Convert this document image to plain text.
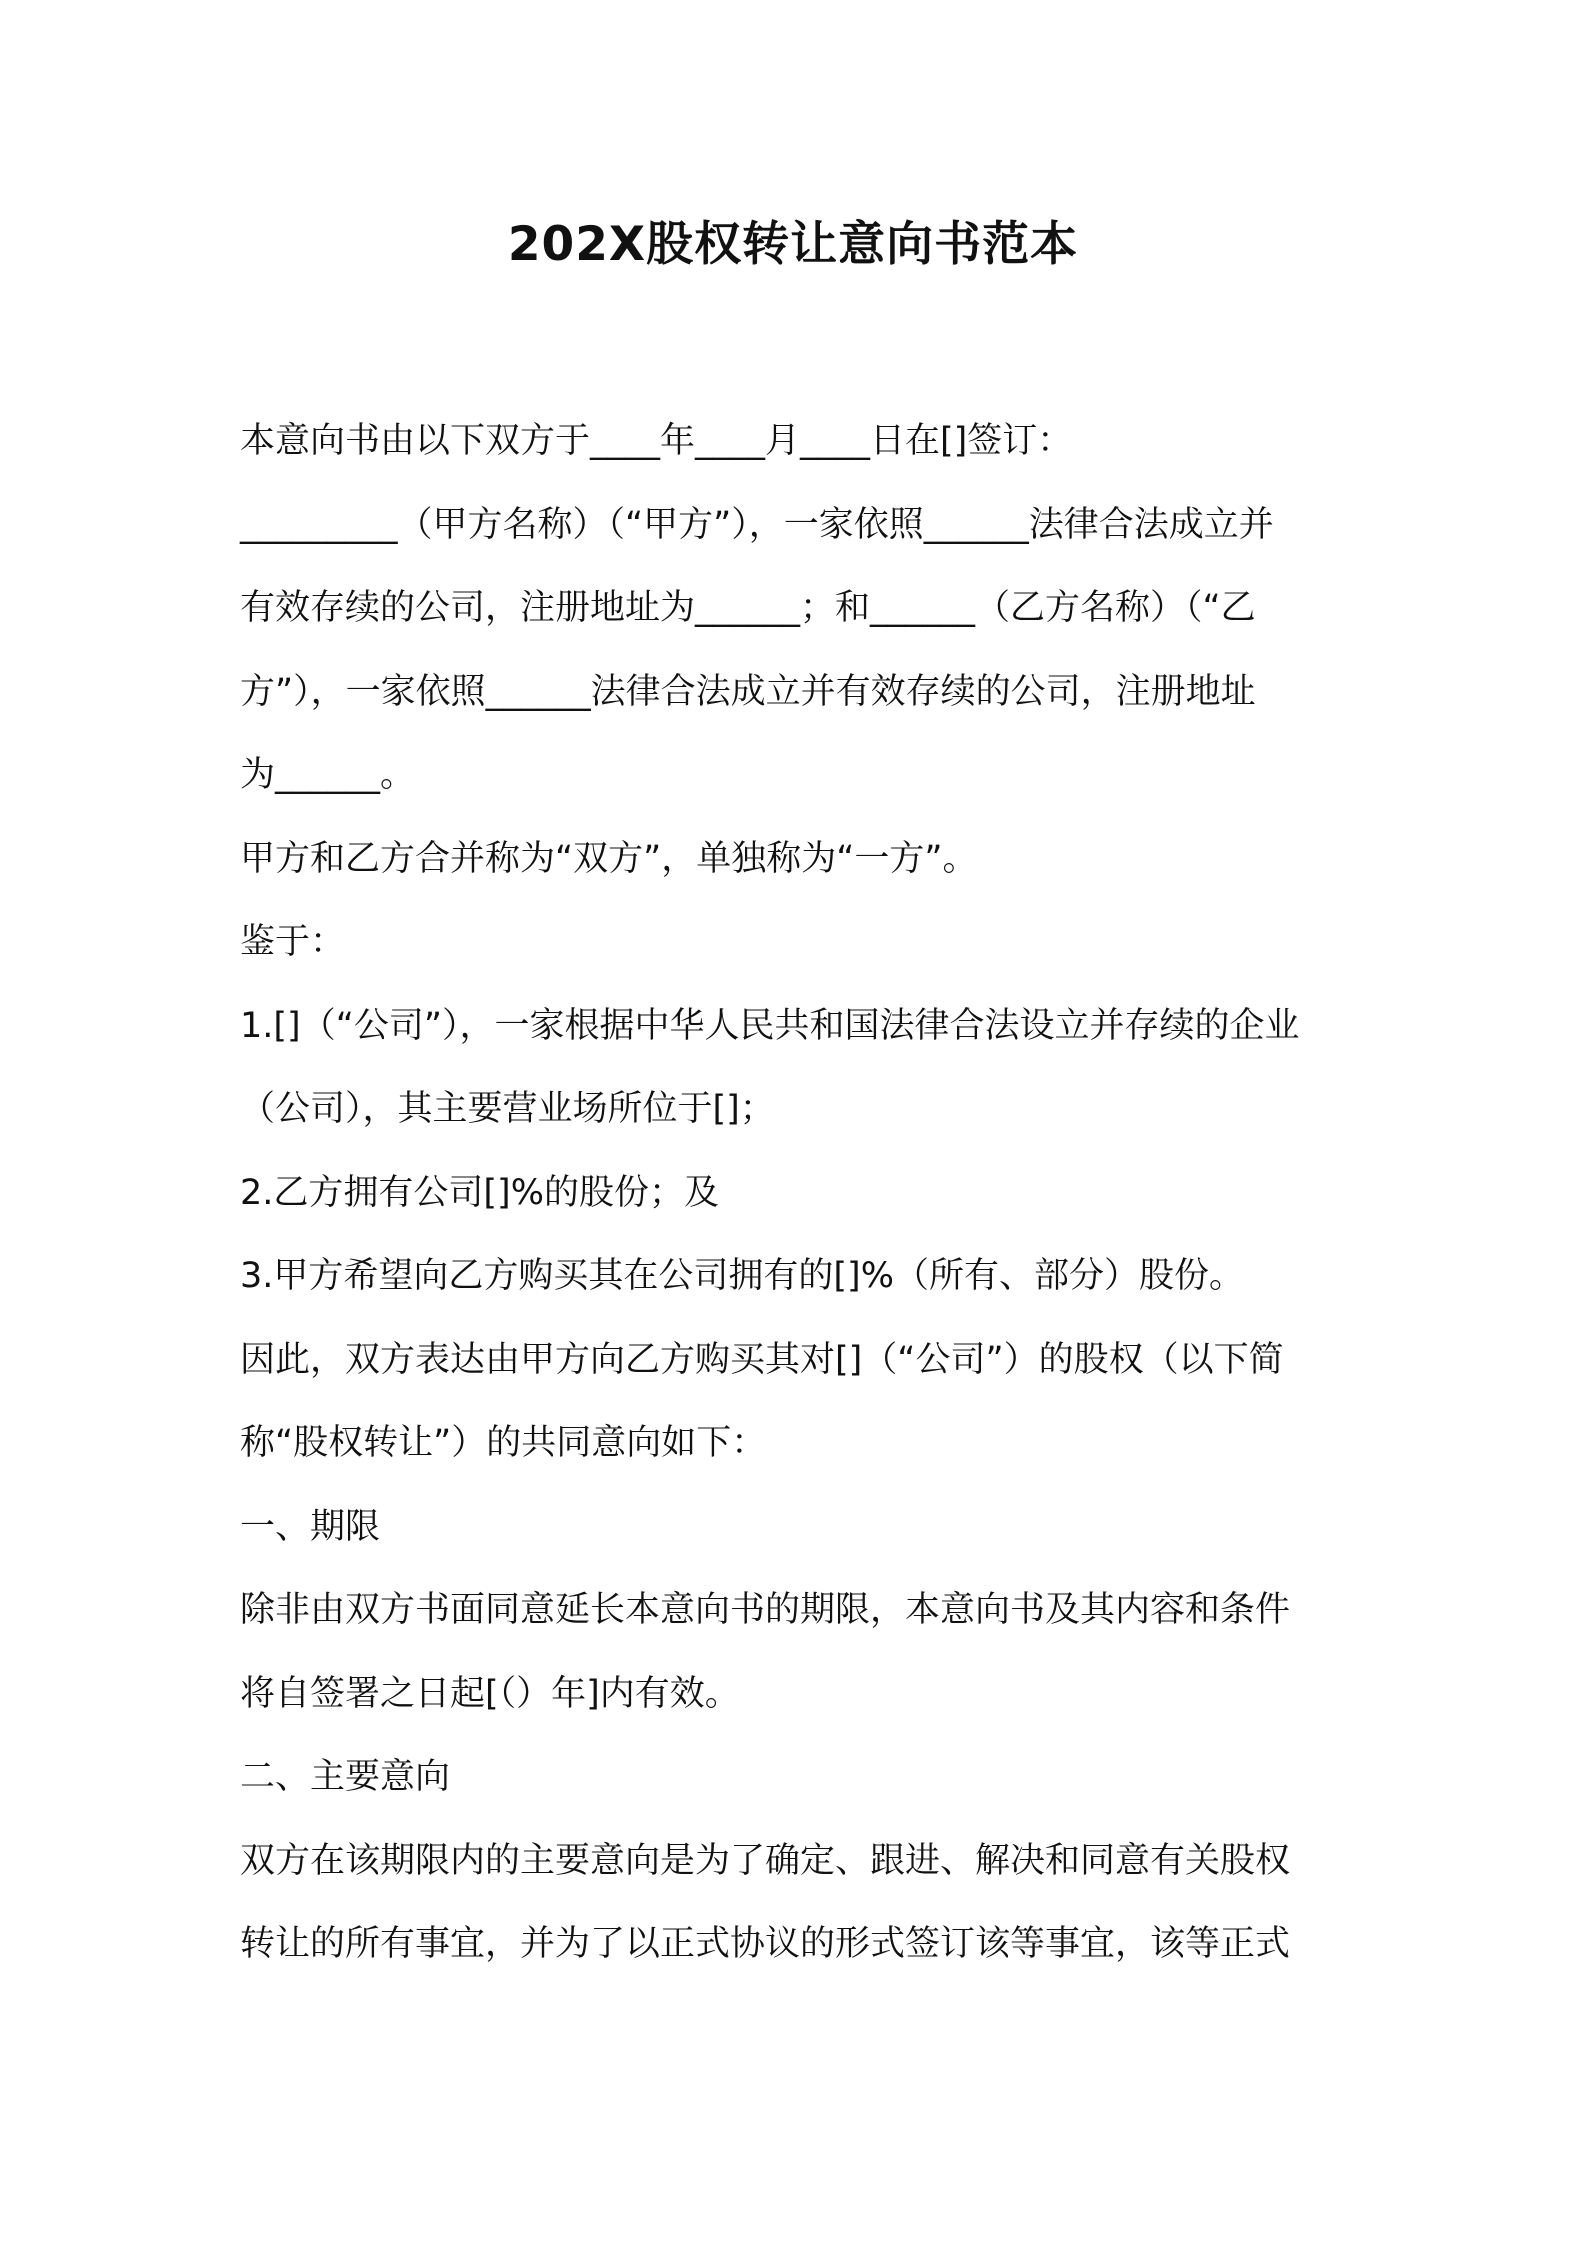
202X股权转让意向书范本
本意向书由以下双方于____年____月____日在[]签订：
_________（甲方名称）（“甲方”），一家依照______法律合法成立并
有效存续的公司，注册地址为______；和______（乙方名称）（“乙
方”），一家依照______法律合法成立并有效存续的公司，注册地址
为______。
甲方和乙方合并称为“双方”，单独称为“一方”。
鉴于：
1.[]（“公司”），一家根据中华人民共和国法律合法设立并存续的企业
（公司），其主要营业场所位于[]；
2.乙方拥有公司[]%的股份；及
3.甲方希望向乙方购买其在公司拥有的[]%（所有、部分）股份。
因此，双方表达由甲方向乙方购买其对[]（“公司”）的股权（以下简
称“股权转让”）的共同意向如下：
一、期限
除非由双方书面同意延长本意向书的期限，本意向书及其内容和条件
将自签署之日起[（）年]内有效。
二、主要意向
双方在该期限内的主要意向是为了确定、跟进、解决和同意有关股权
转让的所有事宜，并为了以正式协议的形式签订该等事宜，该等正式
